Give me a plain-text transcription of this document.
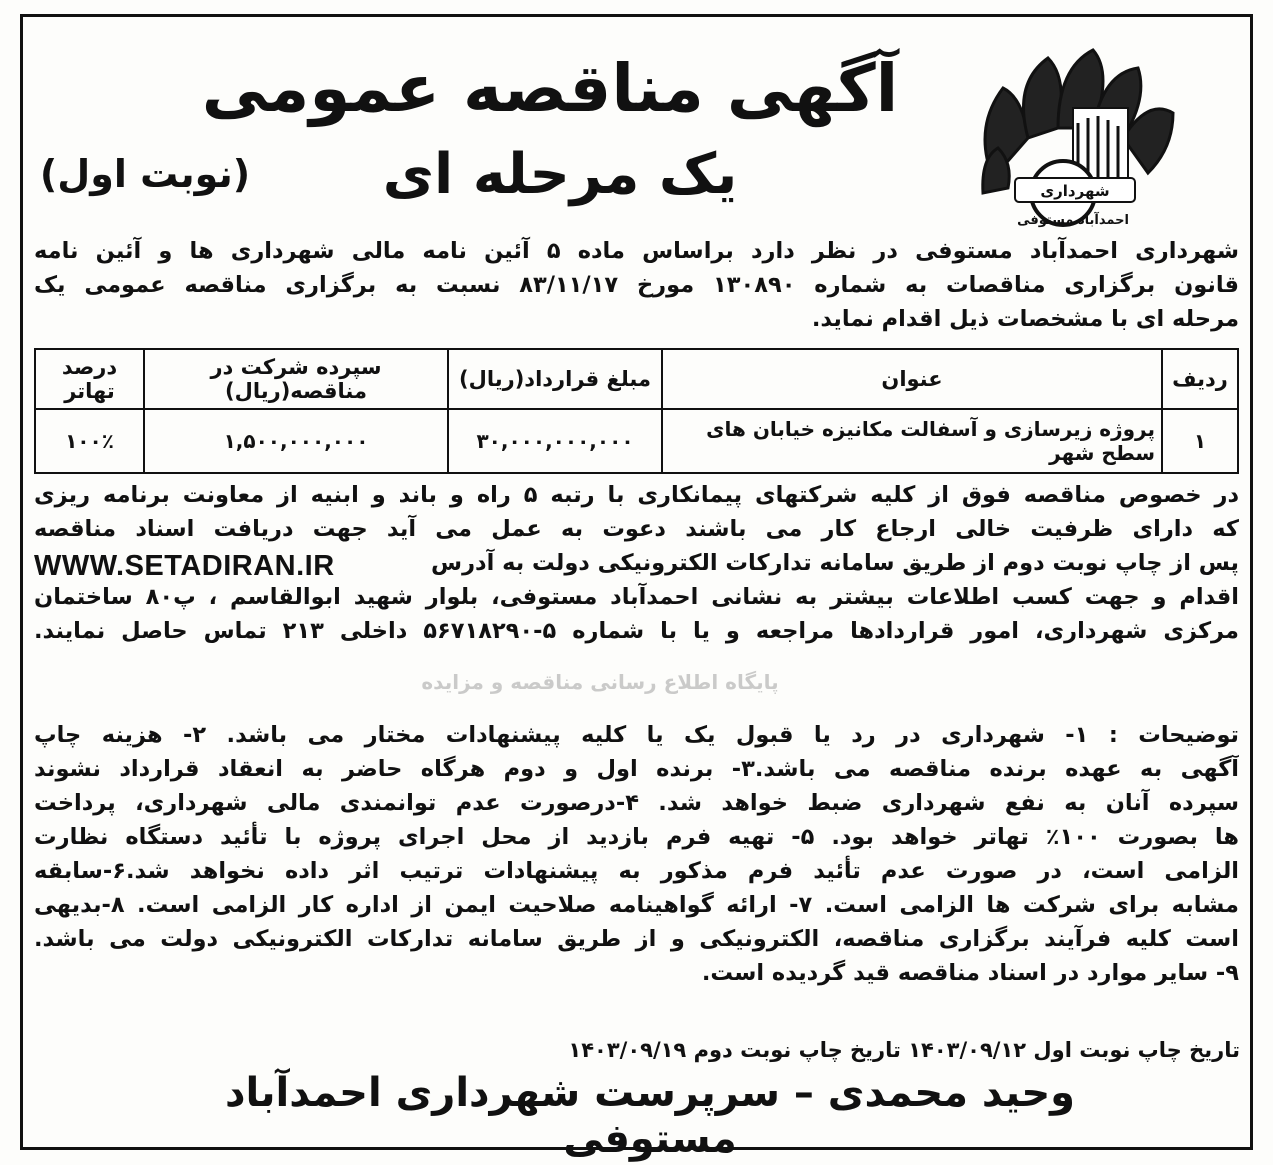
شهرداری
احمدآباد مستوفی
آگهی مناقصه عمومی
یک مرحله ای
(نوبت اول)
شهرداری احمدآباد مستوفی در نظر دارد براساس ماده ۵ آئین نامه مالی شهرداری ها و آئین نامه
قانون برگزاری مناقصات به شماره ۱۳۰۸۹۰ مورخ ۸۳/۱۱/۱۷ نسبت به برگزاری مناقصه عمومی یک
مرحله ای با مشخصات ذیل اقدام نماید.
ردیف	عنوان	مبلغ قرارداد(ریال)	سپرده شرکت در مناقصه(ریال)	درصد تهاتر
۱	پروژه زیرسازی و آسفالت مکانیزه خیابان های سطح شهر	۳۰,۰۰۰,۰۰۰,۰۰۰	۱,۵۰۰,۰۰۰,۰۰۰	۱۰۰٪
در خصوص مناقصه فوق از کلیه شرکتهای پیمانکاری با رتبه ۵ راه و باند و ابنیه از معاونت برنامه ریزی
که دارای ظرفیت خالی ارجاع کار می باشند دعوت به عمل می آید جهت دریافت اسناد مناقصه
پس از چاپ نوبت دوم از طریق سامانه تدارکات الکترونیکی دولت به آدرس
اقدام و جهت کسب اطلاعات بیشتر به نشانی احمدآباد مستوفی، بلوار شهید ابوالقاسم ، پ۸۰ ساختمان
مرکزی شهرداری، امور قراردادها مراجعه و یا با شماره ۵-۵۶۷۱۸۲۹۰ داخلی ۲۱۳ تماس حاصل نمایند.
WWW.SETADIRAN.IR
پایگاه اطلاع رسانی مناقصه و مزایده
توضیحات : ۱- شهرداری در رد یا قبول یک یا کلیه پیشنهادات مختار می باشد. ۲- هزینه چاپ
آگهی به عهده برنده مناقصه می باشد.۳- برنده اول و دوم هرگاه حاضر به انعقاد قرارداد نشوند
سپرده آنان به نفع شهرداری ضبط خواهد شد. ۴-درصورت عدم توانمندی مالی شهرداری، پرداخت
ها بصورت ۱۰۰٪ تهاتر خواهد بود. ۵- تهیه فرم بازدید از محل اجرای پروژه با تأئید دستگاه نظارت
الزامی است، در صورت عدم تأئید فرم مذکور به پیشنهادات ترتیب اثر داده نخواهد شد.۶-سابقه
مشابه برای شرکت ها الزامی است. ۷- ارائه گواهینامه صلاحیت ایمن از اداره کار الزامی است. ۸-بدیهی
است کلیه فرآیند برگزاری مناقصه، الکترونیکی و از طریق سامانه تدارکات الکترونیکی دولت می باشد.
۹- سایر موارد در اسناد مناقصه قید گردیده است.
تاریخ چاپ نوبت اول ۱۴۰۳/۰۹/۱۲ تاریخ چاپ نوبت دوم ۱۴۰۳/۰۹/۱۹
وحید محمدی – سرپرست شهرداری احمدآباد مستوفی
